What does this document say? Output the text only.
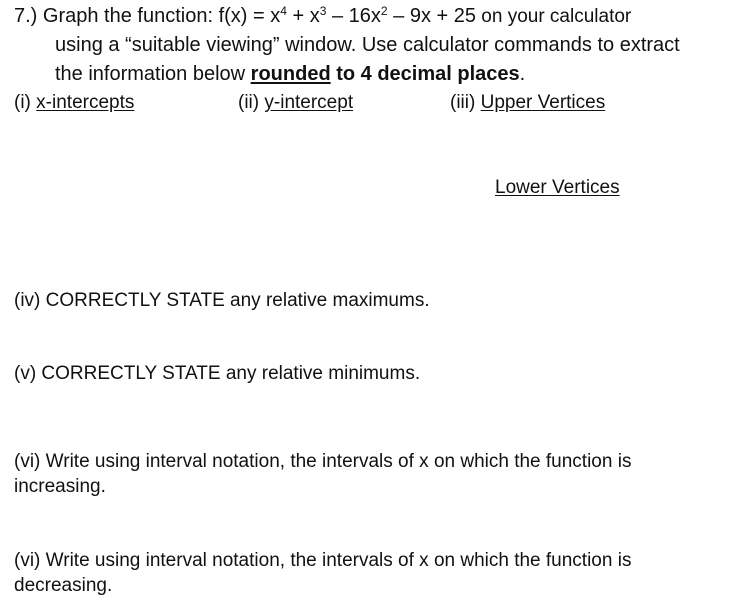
7.) Graph the function: $f(x) = x^4 + x^3 - 16x^2 - 9x + 25$ on your calculator
using a “suitable viewing” window. Use calculator commands to extract
the information below rounded to 4 decimal places.
(i) x-intercepts	(ii) y-intercept	(iii) Upper Vertices
Lower Vertices
(iv) CORRECTLY STATE any relative maximums.
(v) CORRECTLY STATE any relative minimums.
(vi) Write using interval notation, the intervals of x on which the function is
increasing.
(vi) Write using interval notation, the intervals of x on which the function is
decreasing.
